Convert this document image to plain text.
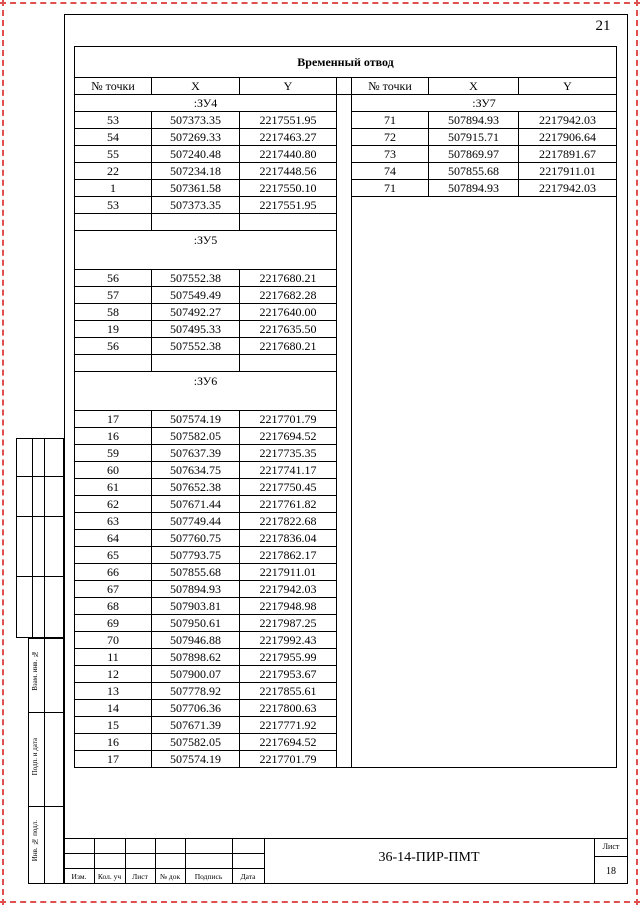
21
Временный отвод						
№ точки	X	Y		№ точки	X	Y
:ЗУ4				:ЗУ7		
53	507373.35	2217551.95		71	507894.93	2217942.03
54	507269.33	2217463.27		72	507915.71	2217906.64
55	507240.48	2217440.80		73	507869.97	2217891.67
22	507234.18	2217448.56		74	507855.68	2217911.01
1	507361.58	2217550.10		71	507894.93	2217942.03
53	507373.35	2217551.95				

:ЗУ5						
56	507552.38	2217680.21				
57	507549.49	2217682.28				
58	507492.27	2217640.00				
19	507495.33	2217635.50				
56	507552.38	2217680.21				

:ЗУ6						
17	507574.19	2217701.79				
16	507582.05	2217694.52				
59	507637.39	2217735.35				
60	507634.75	2217741.17				
61	507652.38	2217750.45				
62	507671.44	2217761.82				
63	507749.44	2217822.68				
64	507760.75	2217836.04				
65	507793.75	2217862.17				
66	507855.68	2217911.01				
67	507894.93	2217942.03				
68	507903.81	2217948.98				
69	507950.61	2217987.25				
70	507946.88	2217992.43				
11	507898.62	2217955.99				
12	507900.07	2217953.67				
13	507778.92	2217855.61				
14	507706.36	2217800.63				
15	507671.39	2217771.92				
16	507582.05	2217694.52				
17	507574.19	2217701.79				
Взам. инв. №
Подп. и дата
Инв. № подл.
Изм.	Кол. уч	Лист	№ док	Подпись	Дата
36-14-ПИР-ПМТ
Лист
18
